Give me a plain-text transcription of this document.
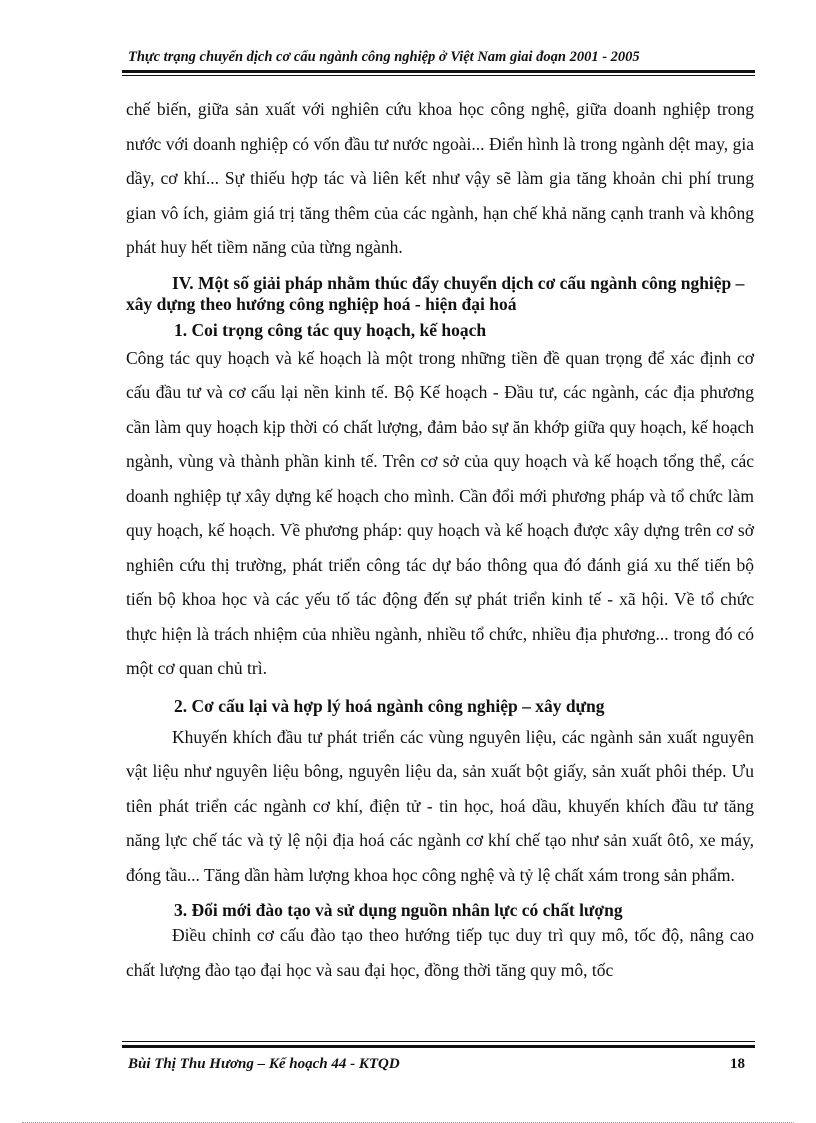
Thực trạng chuyển dịch cơ cấu ngành công nghiệp ở Việt Nam giai đoạn 2001 - 2005

chế biến, giữa sản xuất với nghiên cứu khoa học công nghệ, giữa doanh nghiệp trong nước với doanh nghiệp có vốn đầu tư nước ngoài... Điển hình là trong ngành dệt may, gia dầy, cơ khí... Sự thiếu hợp tác và liên kết như vậy sẽ làm gia tăng khoản chi phí trung gian vô ích, giảm giá trị tăng thêm của các ngành, hạn chế khả năng cạnh tranh và không phát huy hết tiềm năng của từng ngành.

IV. Một số giải pháp nhằm thúc đẩy chuyển dịch cơ cấu ngành công nghiệp – xây dựng theo hướng công nghiệp hoá - hiện đại hoá

1. Coi trọng công tác quy hoạch, kế hoạch

Công tác quy hoạch và kế hoạch là một trong những tiền đề quan trọng để xác định cơ cấu đầu tư và cơ cấu lại nền kinh tế. Bộ Kế hoạch - Đầu tư, các ngành, các địa phương cần làm quy hoạch kịp thời có chất lượng, đảm bảo sự ăn khớp giữa quy hoạch, kế hoạch ngành, vùng và thành phần kinh tế. Trên cơ sở của quy hoạch và kế hoạch tổng thể, các doanh nghiệp tự xây dựng kế hoạch cho mình. Cần đổi mới phương pháp và tổ chức làm quy hoạch, kế hoạch. Về phương pháp: quy hoạch và kế hoạch được xây dựng trên cơ sở nghiên cứu thị trường, phát triển công tác dự báo thông qua đó đánh giá xu thế tiến bộ tiến bộ khoa học và các yếu tố tác động đến sự phát triển kinh tế - xã hội. Về tổ chức thực hiện là trách nhiệm của nhiều ngành, nhiều tổ chức, nhiều địa phương... trong đó có một cơ quan chủ trì.

2. Cơ cấu lại và hợp lý hoá ngành công nghiệp – xây dựng

Khuyến khích đầu tư phát triển các vùng nguyên liệu, các ngành sản xuất nguyên vật liệu như nguyên liệu bông, nguyên liệu da, sản xuất bột giấy, sản xuất phôi thép. Ưu tiên phát triển các ngành cơ khí, điện tử - tin học, hoá dầu, khuyến khích đầu tư tăng năng lực chế tác và tỷ lệ nội địa hoá các ngành cơ khí chế tạo như sản xuất ôtô, xe máy, đóng tầu... Tăng dần hàm lượng khoa học công nghệ và tỷ lệ chất xám trong sản phẩm.

3. Đổi mới đào tạo và sử dụng nguồn nhân lực có chất lượng

Điều chỉnh cơ cấu đào tạo theo hướng tiếp tục duy trì quy mô, tốc độ, nâng cao chất lượng đào tạo đại học và sau đại học, đồng thời tăng quy mô, tốc

Bùi Thị Thu Hương – Kế hoạch 44 - KTQD	18
